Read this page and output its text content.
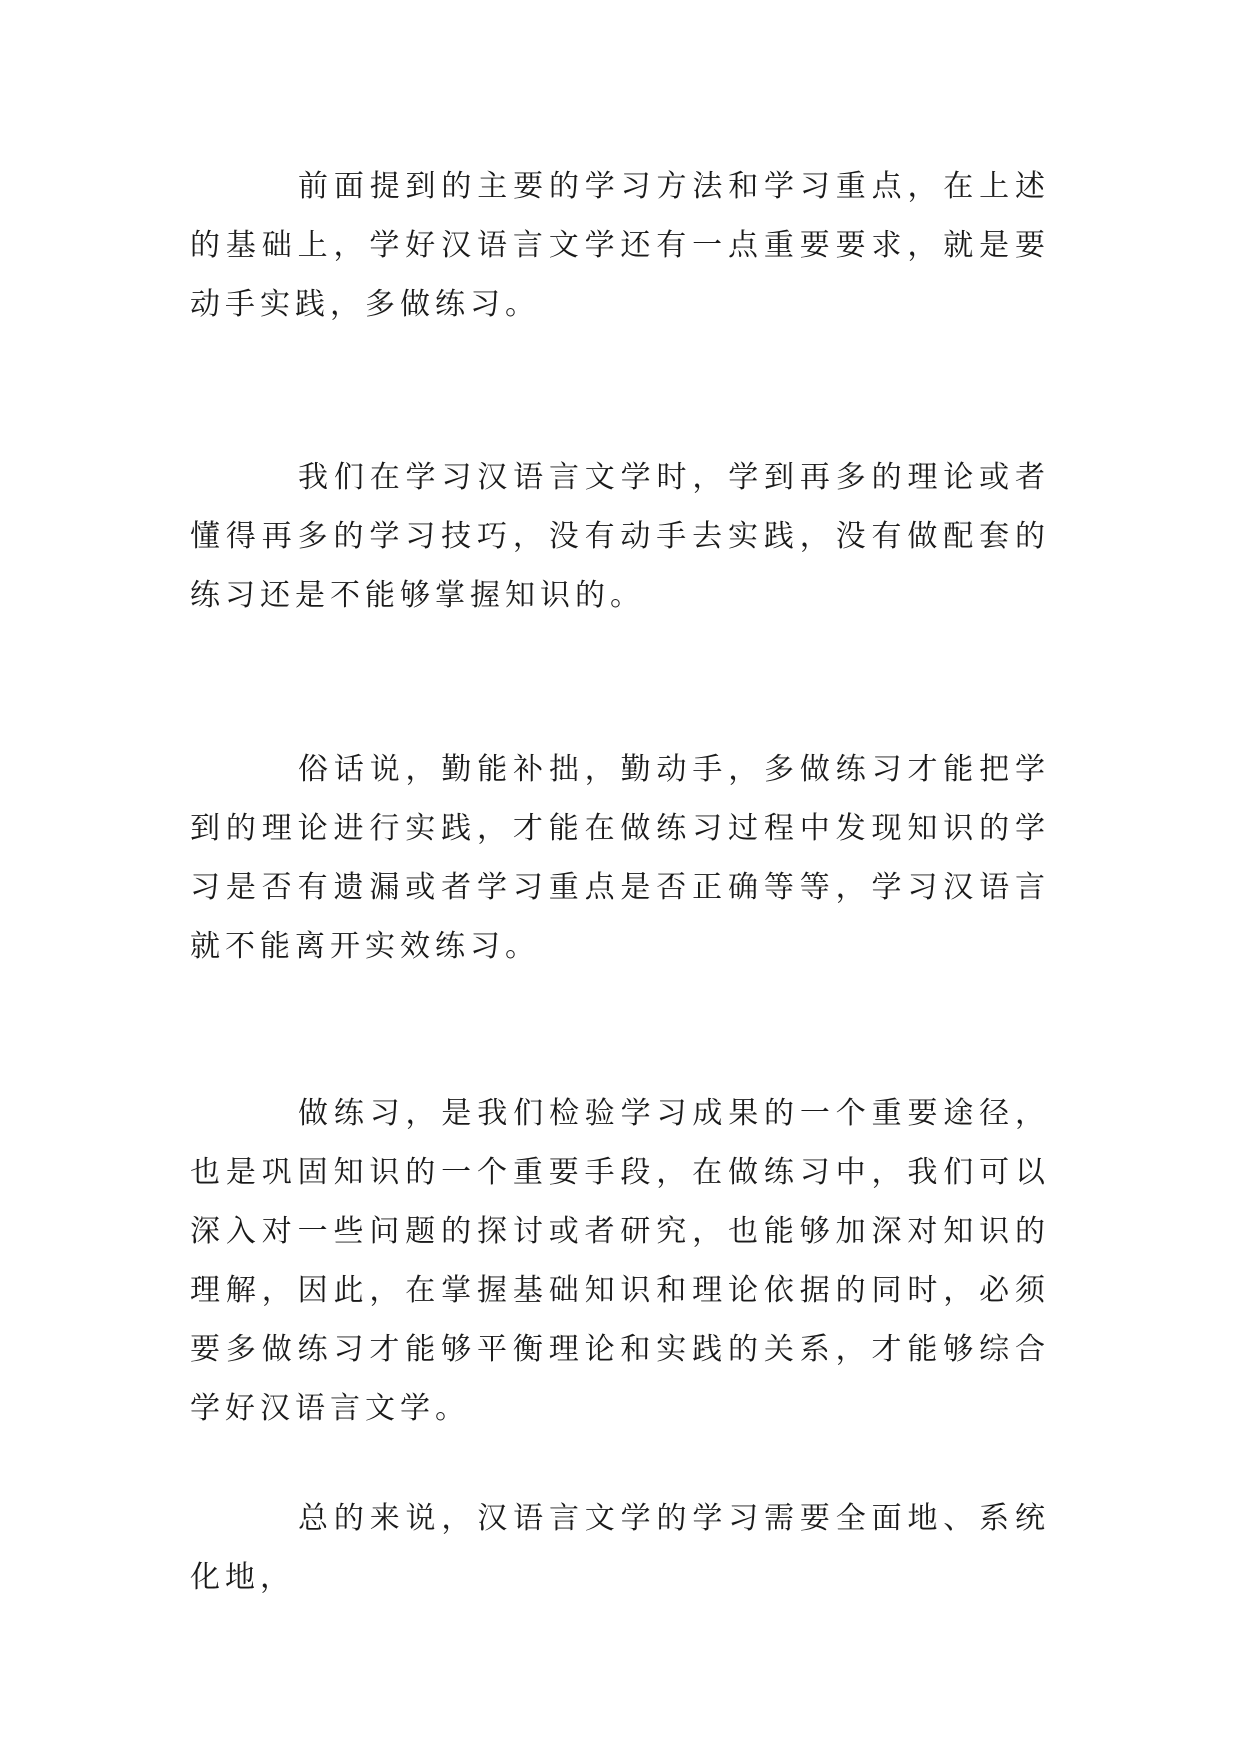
前面提到的主要的学习方法和学习重点，在上述的基础上，学好汉语言文学还有一点重要要求，就是要动手实践，多做练习。

我们在学习汉语言文学时，学到再多的理论或者懂得再多的学习技巧，没有动手去实践，没有做配套的练习还是不能够掌握知识的。

俗话说，勤能补拙，勤动手，多做练习才能把学到的理论进行实践，才能在做练习过程中发现知识的学习是否有遗漏或者学习重点是否正确等等，学习汉语言就不能离开实效练习。

做练习，是我们检验学习成果的一个重要途径，也是巩固知识的一个重要手段，在做练习中，我们可以深入对一些问题的探讨或者研究，也能够加深对知识的理解，因此，在掌握基础知识和理论依据的同时，必须要多做练习才能够平衡理论和实践的关系，才能够综合学好汉语言文学。

总的来说，汉语言文学的学习需要全面地、系统化地，
